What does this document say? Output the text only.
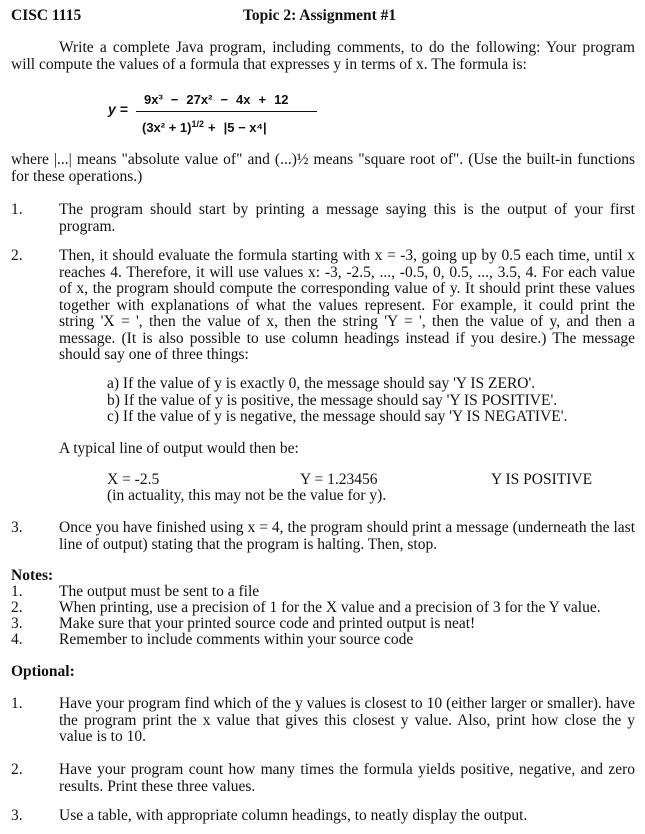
CISC 1115	Topic 2: Assignment #1

Write a complete Java program, including comments, to do the following: Your program will compute the values of a formula that expresses y in terms of x. The formula is:

y =
9x³ − 27x² − 4x + 12
$(3x^2 + 1)^{1/2} + |5 - x^4|$

where |...| means "absolute value of" and (...)½ means "square root of". (Use the built-in functions for these operations.)

1. The program should start by printing a message saying this is the output of your first program.
2. Then, it should evaluate the formula starting with x = -3, going up by 0.5 each time, until x reaches 4. Therefore, it will use values x: -3, -2.5, ..., -0.5, 0, 0.5, ..., 3.5, 4. For each value of x, the program should compute the corresponding value of y. It should print these values together with explanations of what the values represent. For example, it could print the string 'X = ', then the value of x, then the string 'Y = ', then the value of y, and then a message. (It is also possible to use column headings instead if you desire.) The message should say one of three things:
a) If the value of y is exactly 0, the message should say 'Y IS ZERO'.
b) If the value of y is positive, the message should say 'Y IS POSITIVE'.
c) If the value of y is negative, the message should say 'Y IS NEGATIVE'.
A typical line of output would then be:
X = -2.5	Y = 1.23456	Y IS POSITIVE
(in actuality, this may not be the value for y).
3. Once you have finished using x = 4, the program should print a message (underneath the last line of output) stating that the program is halting. Then, stop.
Notes:
1. The output must be sent to a file
2. When printing, use a precision of 1 for the X value and a precision of 3 for the Y value.
3. Make sure that your printed source code and printed output is neat!
4. Remember to include comments within your source code
Optional:
1. Have your program find which of the y values is closest to 10 (either larger or smaller). have the program print the x value that gives this closest y value. Also, print how close the y value is to 10.
2. Have your program count how many times the formula yields positive, negative, and zero results. Print these three values.
3. Use a table, with appropriate column headings, to neatly display the output.
